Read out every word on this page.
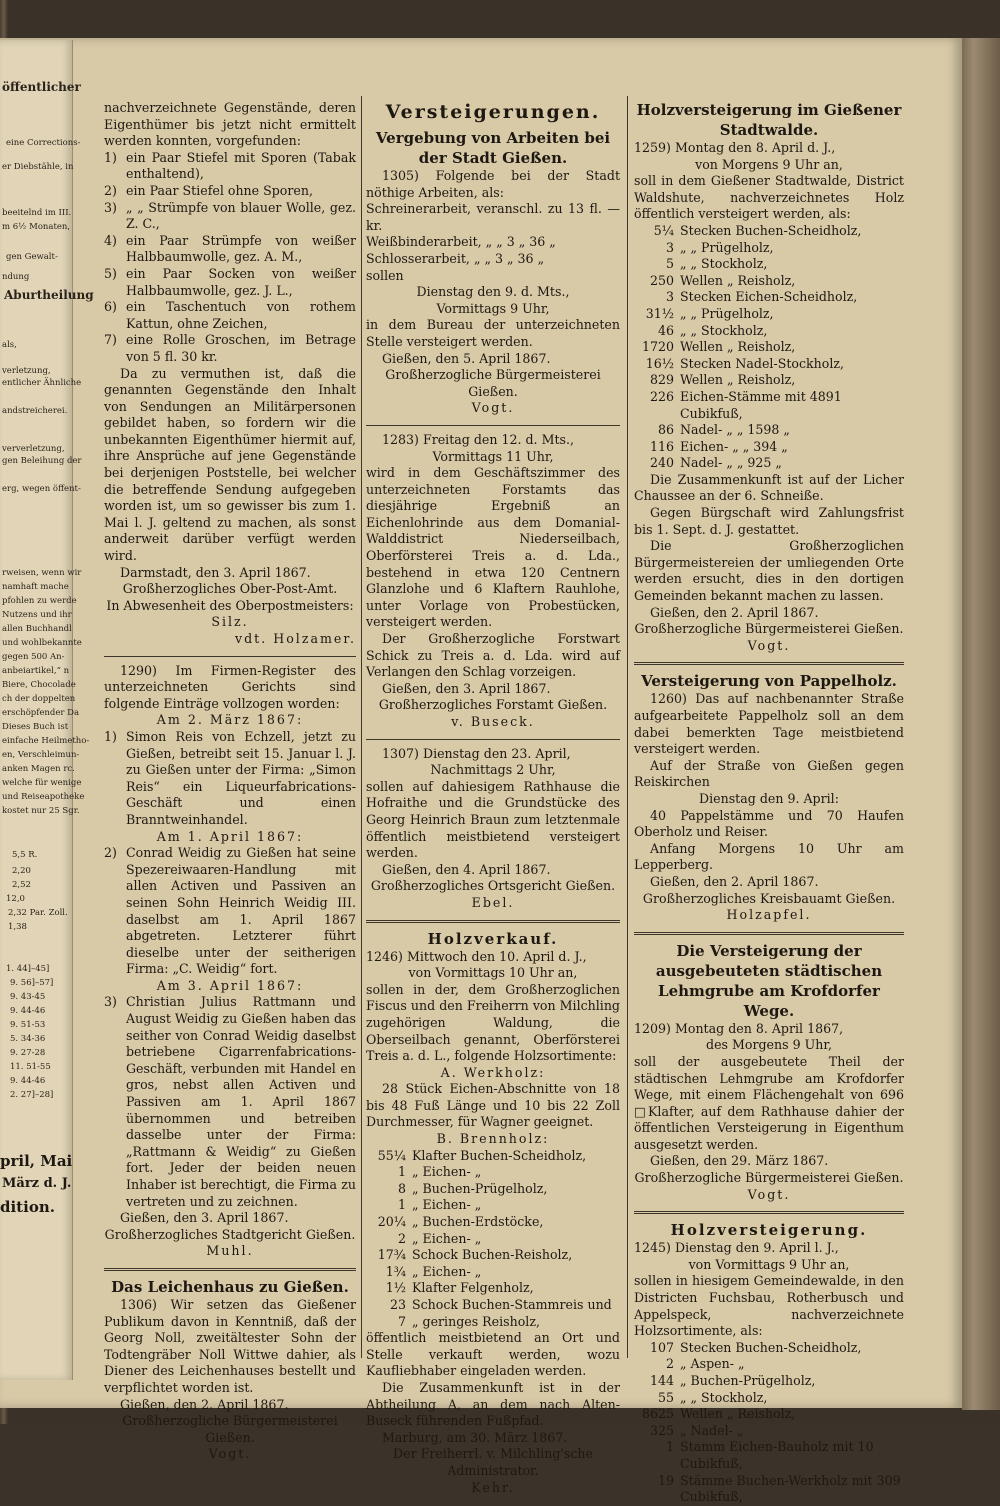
öffentlicher
eine Corrections-
er Diebstähle, in
beeitelnd im III.
m 6½ Monaten,
gen Gewalt-
ndung
Aburtheilung
als,
verletzung,
entlicher Ähnliche
andstreicherei.
ververletzung,
gen Beleihung der
erg, wegen öffent-
rweisen, wenn wir
namhaft mache
pfohlen zu werde
Nutzens und ihr
allen Buchhandl
und wohlbekannte
gegen 500 An-
anbeiartikel,“ n
Biere, Chocolade
ch der doppelten
erschöpfender Da
Dieses Buch ist
einfache Heilmetho-
en, Verschleimun-
anken Magen rc.
welche für wenige
und Reiseapotheke
kostet nur 25 Sgr.
5,5 R.
2,20
2,52
12,0
2,32 Par. Zoll.
1,38
1. 44]–45]
9. 56]–57]
9. 43-45
9. 44-46
9. 51-53
5. 34-36
9. 27-28
11. 51-55
9. 44-46
2. 27]–28]
pril, Mai
März d. J.
dition.

nachverzeichnete Gegenstände, deren Eigenthümer bis jetzt nicht ermittelt werden konnten, vorgefunden:

1) ein Paar Stiefel mit Sporen (Tabak enthaltend),
2) ein Paar Stiefel ohne Sporen,
3) „ „ Strümpfe von blauer Wolle, gez. Z. C.,
4) ein Paar Strümpfe von weißer Halbbaumwolle, gez. A. M.,
5) ein Paar Socken von weißer Halbbaumwolle, gez. J. L.,
6) ein Taschentuch von rothem Kattun, ohne Zeichen,
7) eine Rolle Groschen, im Betrage von 5 fl. 30 kr.

Da zu vermuthen ist, daß die genannten Gegenstände den Inhalt von Sendungen an Militärpersonen gebildet haben, so fordern wir die unbekannten Eigenthümer hiermit auf, ihre Ansprüche auf jene Gegenstände bei derjenigen Poststelle, bei welcher die betreffende Sendung aufgegeben worden ist, um so gewisser bis zum 1. Mai l. J. geltend zu machen, als sonst anderweit darüber verfügt werden wird.

Darmstadt, den 3. April 1867.

Großherzogliches Ober-Post-Amt.

In Abwesenheit des Oberpostmeisters:

Silz.

vdt. Holzamer.

1290) Im Firmen-Register des unterzeichneten Gerichts sind folgende Einträge vollzogen worden:

Am 2. März 1867:

1) Simon Reis von Echzell, jetzt zu Gießen, betreibt seit 15. Januar l. J. zu Gießen unter der Firma: „Simon Reis“ ein Liqueurfabrications-Geschäft und einen Branntweinhandel.

Am 1. April 1867:

2) Conrad Weidig zu Gießen hat seine Spezereiwaaren-Handlung mit allen Activen und Passiven an seinen Sohn Heinrich Weidig III. daselbst am 1. April 1867 abgetreten. Letzterer führt dieselbe unter der seitherigen Firma: „C. Weidig“ fort.

Am 3. April 1867:

3) Christian Julius Rattmann und August Weidig zu Gießen haben das seither von Conrad Weidig daselbst betriebene Cigarrenfabrications-Geschäft, verbunden mit Handel en gros, nebst allen Activen und Passiven am 1. April 1867 übernommen und betreiben dasselbe unter der Firma: „Rattmann & Weidig“ zu Gießen fort. Jeder der beiden neuen Inhaber ist berechtigt, die Firma zu vertreten und zu zeichnen.

Gießen, den 3. April 1867.

Großherzogliches Stadtgericht Gießen.

Muhl.

Das Leichenhaus zu Gießen.

1306) Wir setzen das Gießener Publikum davon in Kenntniß, daß der Georg Noll, zweitältester Sohn der Todtengräber Noll Wittwe dahier, als Diener des Leichenhauses bestellt und verpflichtet worden ist.

Gießen, den 2. April 1867.

Großherzogliche Bürgermeisterei Gießen.

Vogt.

Versteigerungen.
Vergebung von Arbeiten bei der Stadt Gießen.

1305) Folgende bei der Stadt nöthige Arbeiten, als:

Schreinerarbeit, veranschl. zu 13 fl. — kr.

Weißbinderarbeit, „ „ 3 „ 36 „

Schlosserarbeit, „ „ 3 „ 36 „

sollen

Dienstag den 9. d. Mts.,

Vormittags 9 Uhr,

in dem Bureau der unterzeichneten Stelle versteigert werden.

Gießen, den 5. April 1867.

Großherzogliche Bürgermeisterei Gießen.

Vogt.

1283) Freitag den 12. d. Mts.,

Vormittags 11 Uhr,

wird in dem Geschäftszimmer des unterzeichneten Forstamts das diesjährige Ergebniß an Eichenlohrinde aus dem Domanial-Walddistrict Niederseilbach, Oberförsterei Treis a. d. Lda., bestehend in etwa 120 Centnern Glanzlohe und 6 Klaftern Rauhlohe, unter Vorlage von Probestücken, versteigert werden.

Der Großherzogliche Forstwart Schick zu Treis a. d. Lda. wird auf Verlangen den Schlag vorzeigen.

Gießen, den 3. April 1867.

Großherzogliches Forstamt Gießen.

v. Buseck.

1307) Dienstag den 23. April,

Nachmittags 2 Uhr,

sollen auf dahiesigem Rathhause die Hofraithe und die Grundstücke des Georg Heinrich Braun zum letztenmale öffentlich meistbietend versteigert werden.

Gießen, den 4. April 1867.

Großherzogliches Ortsgericht Gießen.

Ebel.

Holzverkauf.

1246) Mittwoch den 10. April d. J.,

von Vormittags 10 Uhr an,

sollen in der, dem Großherzoglichen Fiscus und den Freiherrn von Milchling zugehörigen Waldung, die Oberseilbach genannt, Oberförsterei Treis a. d. L., folgende Holzsortimente:

A. Werkholz:

28 Stück Eichen-Abschnitte von 18 bis 48 Fuß Länge und 10 bis 22 Zoll Durchmesser, für Wagner geeignet.

B. Brennholz:

55¼ Klafter Buchen-Scheidholz,
1 „ Eichen- „
8 „ Buchen-Prügelholz,
1 „ Eichen- „
20¼ „ Buchen-Erdstöcke,
2 „ Eichen- „
17¾ Schock Buchen-Reisholz,
1¾ „ Eichen- „
1½ Klafter Felgenholz,
23 Schock Buchen-Stammreis und
7 „ geringes Reisholz,

öffentlich meistbietend an Ort und Stelle verkauft werden, wozu Kaufliebhaber eingeladen werden.

Die Zusammenkunft ist in der Abtheilung A, an dem nach Alten-Buseck führenden Fußpfad.

Marburg, am 30. März 1867.

Der Freiherrl. v. Milchling'sche Administrator.

Kehr.

Holzversteigerung im Gießener Stadtwalde.

1259) Montag den 8. April d. J.,

von Morgens 9 Uhr an,

soll in dem Gießener Stadtwalde, District Waldshute, nachverzeichnetes Holz öffentlich versteigert werden, als:

5¼ Stecken Buchen-Scheidholz,
3 „ „ Prügelholz,
5 „ „ Stockholz,
250 Wellen „ Reisholz,
3 Stecken Eichen-Scheidholz,
31½ „ „ Prügelholz,
46 „ „ Stockholz,
1720 Wellen „ Reisholz,
16½ Stecken Nadel-Stockholz,
829 Wellen „ Reisholz,
226 Eichen-Stämme mit 4891 Cubikfuß,
86 Nadel- „ „ 1598 „
116 Eichen- „ „ 394 „
240 Nadel- „ „ 925 „

Die Zusammenkunft ist auf der Licher Chaussee an der 6. Schneiße.

Gegen Bürgschaft wird Zahlungsfrist bis 1. Sept. d. J. gestattet.

Die Großherzoglichen Bürgermeistereien der umliegenden Orte werden ersucht, dies in den dortigen Gemeinden bekannt machen zu lassen.

Gießen, den 2. April 1867.

Großherzogliche Bürgermeisterei Gießen.

Vogt.

Versteigerung von Pappelholz.

1260) Das auf nachbenannter Straße aufgearbeitete Pappelholz soll an dem dabei bemerkten Tage meistbietend versteigert werden.

Auf der Straße von Gießen gegen Reiskirchen

Dienstag den 9. April:

40 Pappelstämme und 70 Haufen Oberholz und Reiser.

Anfang Morgens 10 Uhr am Lepperberg.

Gießen, den 2. April 1867.

Großherzogliches Kreisbauamt Gießen.

Holzapfel.

Die Versteigerung der ausgebeuteten städtischen Lehmgrube am Krofdorfer Wege.

1209) Montag den 8. April 1867,

des Morgens 9 Uhr,

soll der ausgebeutete Theil der städtischen Lehmgrube am Krofdorfer Wege, mit einem Flächengehalt von 696 □Klafter, auf dem Rathhause dahier der öffentlichen Versteigerung in Eigenthum ausgesetzt werden.

Gießen, den 29. März 1867.

Großherzogliche Bürgermeisterei Gießen.

Vogt.

Holzversteigerung.

1245) Dienstag den 9. April l. J.,

von Vormittags 9 Uhr an,

sollen in hiesigem Gemeindewalde, in den Districten Fuchsbau, Rotherbusch und Appelspeck, nachverzeichnete Holzsortimente, als:

107 Stecken Buchen-Scheidholz,
2 „ Aspen- „
144 „ Buchen-Prügelholz,
55 „ „ Stockholz,
8625 Wellen „ Reisholz,
325 „ Nadel- „
1 Stamm Eichen-Bauholz mit 10 Cubikfuß,
19 Stämme Buchen-Werkholz mit 309 Cubikfuß,
